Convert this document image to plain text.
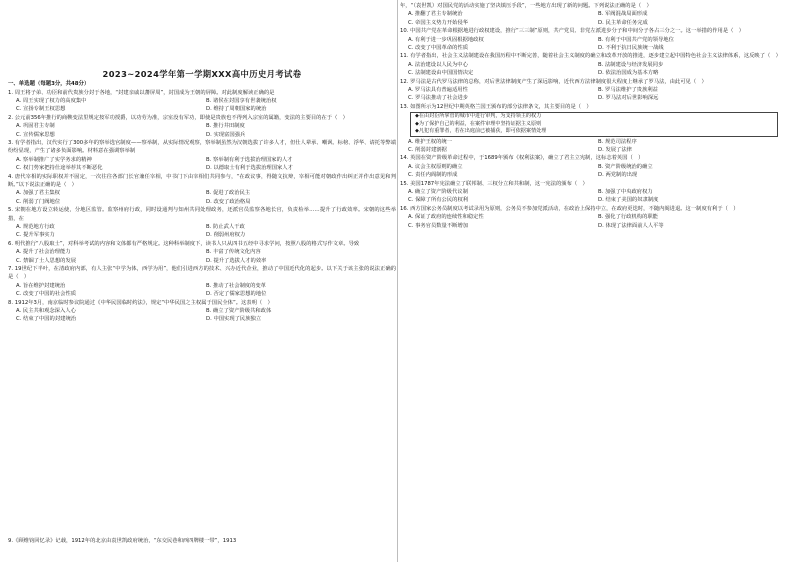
2023~2024学年第一学期XXX高中历史月考试卷
一、单选题（每题3分，共48分）

1. 周王将子弟、功臣和前代贵族分封于各地，“封建亲戚以蕃屏周”，封国成为王朝的屏障。对此制度解读正确的是

A. 周王实现了权力的高度集中	B. 诸侯在封国享有世袭统治权
C. 宣扬专制王权思想	D. 维持了周朝国家的统治

2. 公元前356年推行的商鞅变法里规定按军功授爵，以功劳为准，宗室没有军功，即使是贵族也不得列入宗室的属籍，变法的主要目的在于（　）

A. 巩固君主专制	B. 推行井田制度
C. 宣传儒家思想	D. 实现富国强兵

3. 有学者指出，汉代实行了300多年的察举选官制度——察举制，从实际情况观察，察举制虽然为汉朝选拔了许多人才，但仕人辈承、嘲讽、标榜、浮华、请托等弊端纷纷显现，产生了诸多负面影响。材料意在强调察举制

A. 察举制推广了实学务求的精神	B. 察举制有利于选拔治理国家的人才
C. 权门势家把持仕途举荐其不断恶化	D. 以德取士有利于选拔治理国家人才

4. 唐代宰相的实际职权并不固定，一次往往各部门长官兼任宰相，中书门下由宰相们共同参与，“在政议事，得随文抗辩，宰相可能对朝政作出纠正并作出意见和判断。”以下说法正确的是（　）

A. 加强了君主集权	B. 促进了政治民主
C. 削弱了门阀地位	D. 改变了政治格局

5. 宋朝在地方设立转运使，分地区监管。监察州府行政，同时设通判与知州共同处理政务，还派官员监察各地长官，负责检举……提升了行政效率。宋朝的这些举措，在

A. 规范地方行政	B. 防止武人干政
C. 提升军事实力	D. 削弱州府权力

6. 明代推行“八股取士”，对科举考试的内容和文体都有严格规定。这种科举制度下，读书人只从四书五经中寻求学问，按照八股的格式写作文章。导致

A. 提升了社会治理能力	B. 丰富了传统文化内容
C. 禁锢了士人思想的发展	D. 提升了选拔人才的效率

7. 19世纪下半叶，在清政府内部，有人主张“中学为体，西学为用”，他们引进西方的技术、兴办近代企业，推动了中国近代化的起步。以下关于该主张的说法正确的是（　）

A. 旨在维护封建统治	B. 推动了社会制度的变革
C. 改变了中国的社会性质	D. 否定了儒家思想的地位

8. 1912年3月，南京临时参议院通过《中华民国临时约法》，规定“中华民国之主权属于国民全体”。这表明（　）

A. 民主共和观念深入人心	B. 确立了资产阶级共和政体
C. 结束了中国的封建统治	D. 中国实现了民族独立

9.《顾维钧回忆录》记载，1912年的北京由袁世凯政府统治，“东交民巷和西四牌楼一带”，1913

年，“（袁世凯）对国民党的活动实施了坚决镇压手段”，一些地方出现了新的问题。下列说法正确的是（　）

A. 推翻了君主专制统治	B. 军阀混战局面形成
C. 帝国主义势力开始侵华	D. 民主革命任务完成

10. 中国共产党在革命根据地进行政权建设，推行“三三制”原则，共产党员、非党左派进步分子和中间分子各占三分之一。这一举措的作用是（　）

A. 有利于进一步巩固根据地政权	B. 有利于中国共产党的领导地位
C. 改变了中国革命的性质	D. 不利于抗日民族统一战线

11. 有学者指出，社会主义法制建设在我国历程中不断完善，随着社会主义制度的确立和改革开放的推进，逐步建立起中国特色社会主义法律体系，这反映了（　）

A. 法治建设以人民为中心	B. 法制建设与经济发展同步
C. 法制建设由中国国情决定	D. 依法治国成为基本方略

12. 罗马法是古代罗马法律的总称，对后世法律制度产生了深远影响，近代西方法律制度很大程度上继承了罗马法，由此可见（　）

A. 罗马法具有普遍适用性	B. 罗马法维护了贵族利益
C. 罗马法推动了社会进步	D. 罗马法对后世影响深远

13. 如图所示为12世纪中期英格兰国王颁布的部分法律条文，其主要目的是（　）

◆ 在由封臣所掌管的城市中进行审判，为支持领主的权力
◆ 为了保护自己的利益，在案件审理中坚持证据主义原则
◆ 凡犯有重罪者，若在出庭前已被捕获，即可依据案情处理
A. 维护王权的统一	B. 规范司法程序
C. 削弱封建割据	D. 发展了法律

14. 英国在资产阶级革命过程中，于1689年颁布《权利法案》，确立了君主立宪制，这标志着英国（　）

A. 议会主权原则的确立	B. 资产阶级统治的确立
C. 责任内阁制的形成	D. 两党制的出现

15. 美国1787年宪法确立了联邦制、三权分立和共和制，这一宪法的颁布（　）

A. 确立了资产阶级代议制	B. 加强了中央政府权力
C. 保障了所有公民的权利	D. 结束了美国的奴隶制度

16. 西方国家公务员制度以考试录用为原则，公务员不参加党派活动，在政治上保持中立，在政府更迭时，不随内阁进退。这一制度有利于（　）

A. 保证了政府的连续性和稳定性	B. 强化了行政机构的职能
C. 事务官员数量不断增加	D. 体现了法律面前人人平等
